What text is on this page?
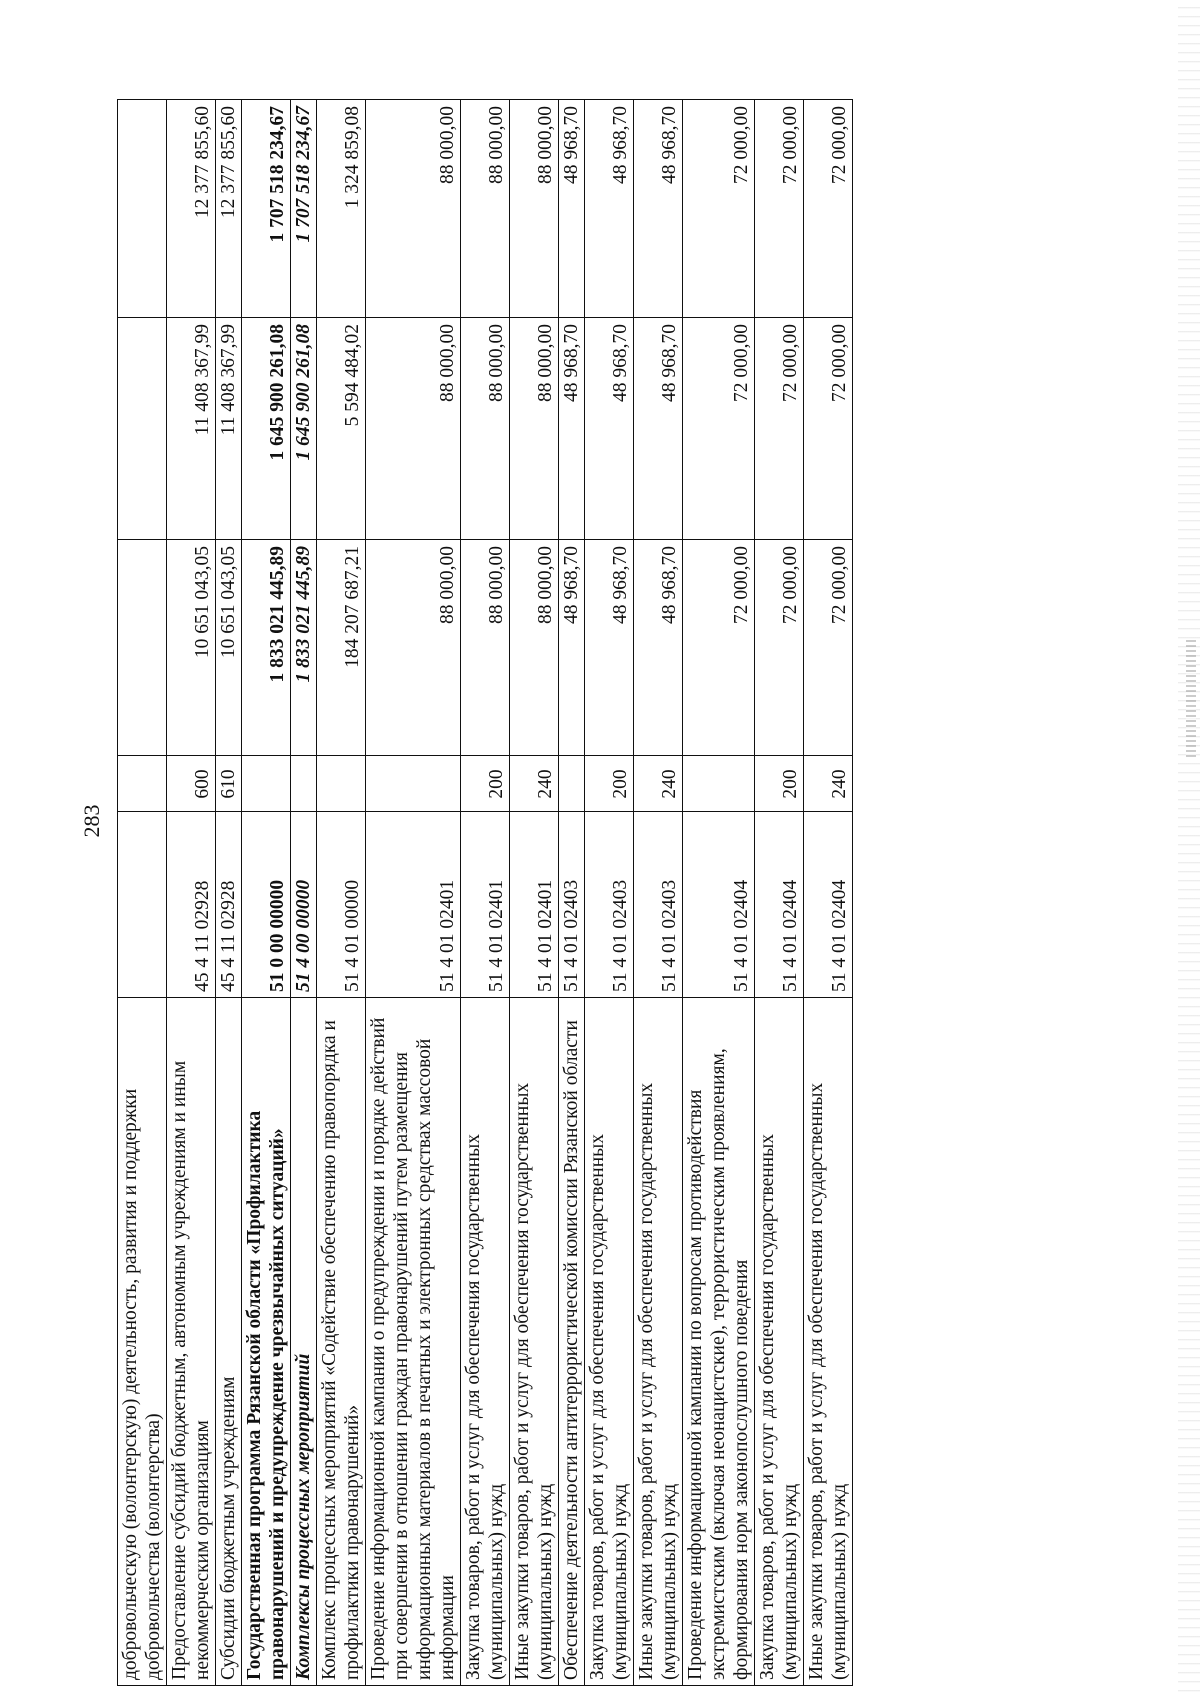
283
добровольческую (волонтерскую) деятельность, развития и поддержки добровольчества (волонтерства)					
Предоставление субсидий бюджетным, автономным учреждениям и иным некоммерческим организациям	45 4 11 02928	600	10 651 043,05	11 408 367,99	12 377 855,60
Субсидии бюджетным учреждениям	45 4 11 02928	610	10 651 043,05	11 408 367,99	12 377 855,60
Государственная программа Рязанской области «Профилактика правонарушений и предупреждение чрезвычайных ситуаций»	51 0 00 00000		1 833 021 445,89	1 645 900 261,08	1 707 518 234,67
Комплексы процессных мероприятий	51 4 00 00000		1 833 021 445,89	1 645 900 261,08	1 707 518 234,67
Комплекс процессных мероприятий «Содействие обеспечению правопорядка и профилактики правонарушений»	51 4 01 00000		184 207 687,21	5 594 484,02	1 324 859,08
Проведение информационной кампании о предупреждении и порядке действий при совершении в отношении граждан правонарушений путем размещения информационных материалов в печатных и электронных средствах массовой информации	51 4 01 02401		88 000,00	88 000,00	88 000,00
Закупка товаров, работ и услуг для обеспечения государственных (муниципальных) нужд	51 4 01 02401	200	88 000,00	88 000,00	88 000,00
Иные закупки товаров, работ и услуг для обеспечения государственных (муниципальных) нужд	51 4 01 02401	240	88 000,00	88 000,00	88 000,00
Обеспечение деятельности антитеррористической комиссии Рязанской области	51 4 01 02403		48 968,70	48 968,70	48 968,70
Закупка товаров, работ и услуг для обеспечения государственных (муниципальных) нужд	51 4 01 02403	200	48 968,70	48 968,70	48 968,70
Иные закупки товаров, работ и услуг для обеспечения государственных (муниципальных) нужд	51 4 01 02403	240	48 968,70	48 968,70	48 968,70
Проведение информационной кампании по вопросам противодействия экстремистским (включая неонацистские), террористическим проявлениям, формирования норм законопослушного поведения	51 4 01 02404		72 000,00	72 000,00	72 000,00
Закупка товаров, работ и услуг для обеспечения государственных (муниципальных) нужд	51 4 01 02404	200	72 000,00	72 000,00	72 000,00
Иные закупки товаров, работ и услуг для обеспечения государственных (муниципальных) нужд	51 4 01 02404	240	72 000,00	72 000,00	72 000,00
